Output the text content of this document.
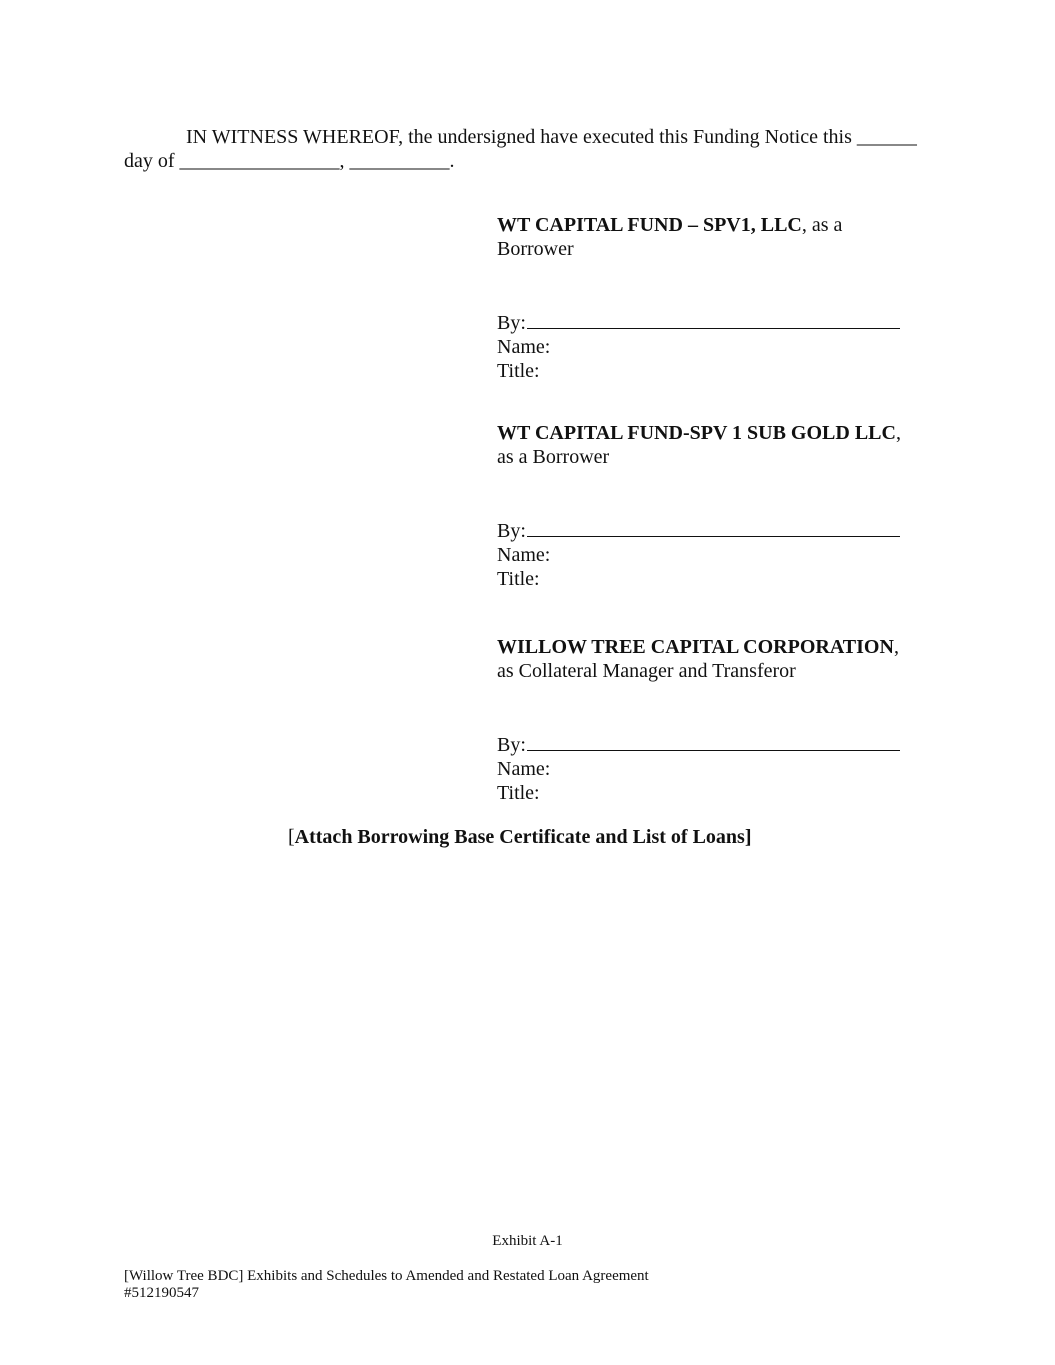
IN WITNESS WHEREOF, the undersigned have executed this Funding Notice this ______
day of ________________, __________.
WT CAPITAL FUND – SPV1, LLC, as a
Borrower
By:
Name:
Title:
WT CAPITAL FUND-SPV 1 SUB GOLD LLC,
as a Borrower
By:
Name:
Title:
WILLOW TREE CAPITAL CORPORATION,
as Collateral Manager and Transferor
By:
Name:
Title:
[Attach Borrowing Base Certificate and List of Loans]
Exhibit A-1
[Willow Tree BDC] Exhibits and Schedules to Amended and Restated Loan Agreement
#512190547
